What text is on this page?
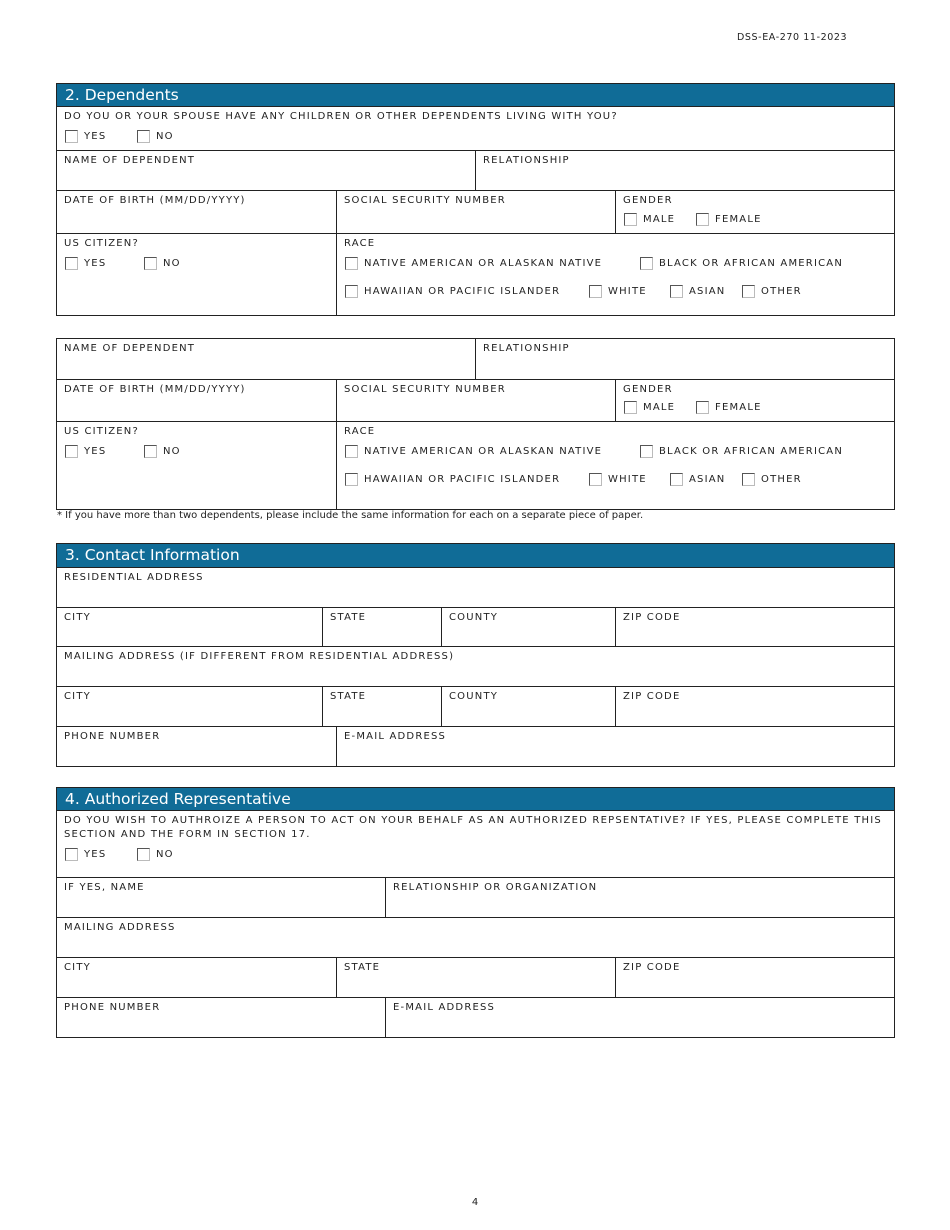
DSS-EA-270 11-2023
2. Dependents
DO YOU OR YOUR SPOUSE HAVE ANY CHILDREN OR OTHER DEPENDENTS LIVING WITH YOU?
YES	NO
NAME OF DEPENDENT	RELATIONSHIP
DATE OF BIRTH (MM/DD/YYYY)	SOCIAL SECURITY NUMBER	GENDER
MALE	FEMALE
US CITIZEN?
YES	NO
RACE
NATIVE AMERICAN OR ALASKAN NATIVE	BLACK OR AFRICAN AMERICAN
HAWAIIAN OR PACIFIC ISLANDER	WHITE	ASIAN	OTHER
NAME OF DEPENDENT	RELATIONSHIP
DATE OF BIRTH (MM/DD/YYYY)	SOCIAL SECURITY NUMBER	GENDER
MALE	FEMALE
US CITIZEN?
YES	NO
RACE
NATIVE AMERICAN OR ALASKAN NATIVE	BLACK OR AFRICAN AMERICAN
HAWAIIAN OR PACIFIC ISLANDER	WHITE	ASIAN	OTHER
* If you have more than two dependents, please include the same information for each on a separate piece of paper.
3. Contact Information
RESIDENTIAL ADDRESS
CITY	STATE	COUNTY	ZIP CODE
MAILING ADDRESS (IF DIFFERENT FROM RESIDENTIAL ADDRESS)
CITY	STATE	COUNTY	ZIP CODE
PHONE NUMBER	E-MAIL ADDRESS
4. Authorized Representative
DO YOU WISH TO AUTHROIZE A PERSON TO ACT ON YOUR BEHALF AS AN AUTHORIZED REPSENTATIVE? IF YES, PLEASE COMPLETE THIS SECTION AND THE FORM IN SECTION 17.
YES	NO
IF YES, NAME	RELATIONSHIP OR ORGANIZATION
MAILING ADDRESS
CITY	STATE	ZIP CODE
PHONE NUMBER	E-MAIL ADDRESS
4
